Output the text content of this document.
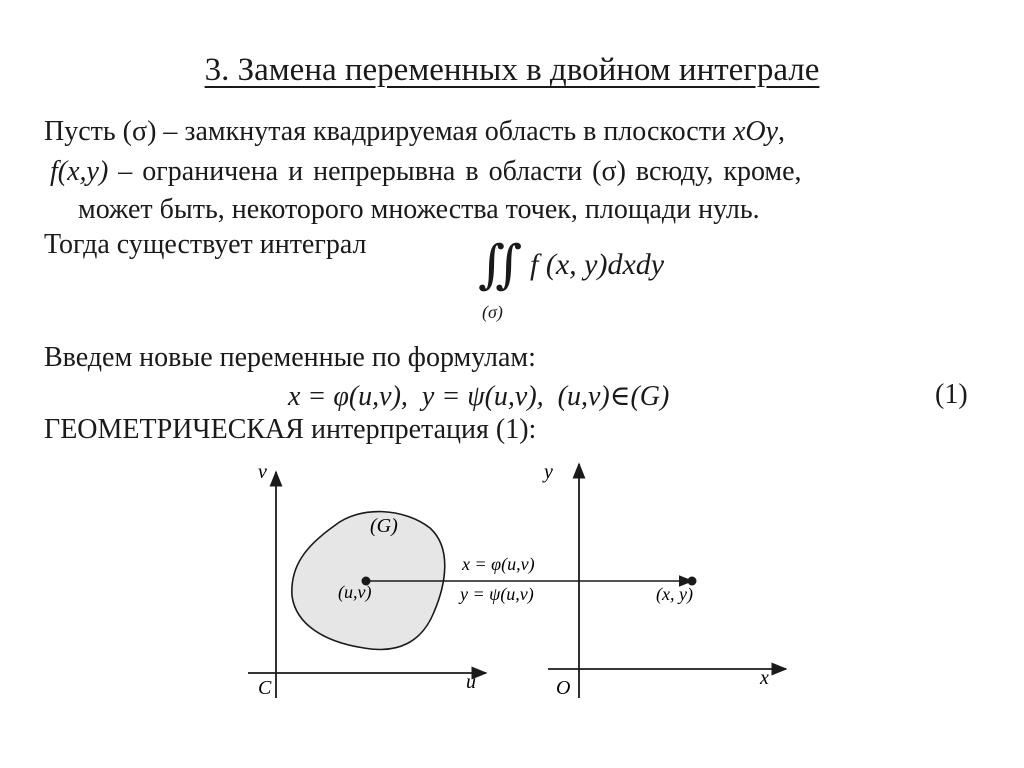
3. Замена переменных в двойном интеграле
Пусть (σ) – замкнутая квадрируемая область в плоскости xOy,
f(x,y) – ограничена и непрерывна в области (σ) всюду, кроме,
может быть, некоторого множества точек, площади нуль.
Тогда существует интеграл ∬ f (x, y)dxdy
(σ)
Введем новые переменные по формулам:
x = φ(u,v),  y = ψ(u,v),  (u,v)∈(G)	(1)
ГЕОМЕТРИЧЕСКАЯ интерпретация (1):
v
u
C
(G)
(u,v)
x = φ(u,v)
y = ψ(u,v)
y
x
O
(x, y)
